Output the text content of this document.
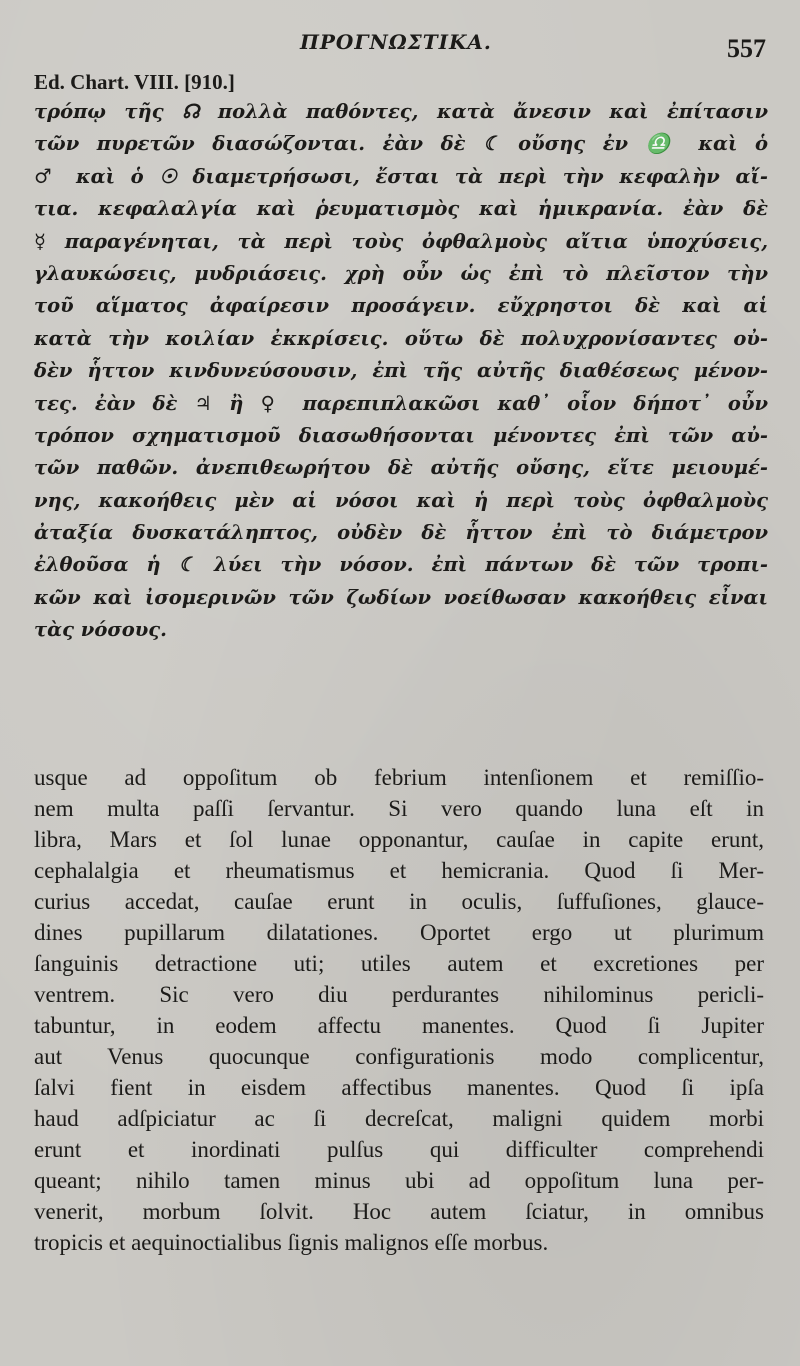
ΠΡΟΓΝΩΣΤΙΚΑ.	557
Ed. Chart. VIII. [910.]
τρόπῳ τῆς ☊ πολλὰ παθόντες, κατὰ ἄνεσιν καὶ ἐπίτασιν
τῶν πυρετῶν διασώζονται. ἐὰν δὲ ☾ οὔσης ἐν ♎ καὶ ὁ
♂ καὶ ὁ ☉ διαμετρήσωσι, ἔσται τὰ περὶ τὴν κεφαλὴν αἴ-
τια. κεφαλαλγία καὶ ῥευματισμὸς καὶ ἡμικρανία. ἐὰν δὲ
☿ παραγένηται, τὰ περὶ τοὺς ὀφθαλμοὺς αἴτια ὑποχύσεις,
γλαυκώσεις, μυδριάσεις. χρὴ οὖν ὡς ἐπὶ τὸ πλεῖστον τὴν
τοῦ αἵματος ἀφαίρεσιν προσάγειν. εὔχρηστοι δὲ καὶ αἱ
κατὰ τὴν κοιλίαν ἐκκρίσεις. οὕτω δὲ πολυχρονίσαντες οὐ-
δὲν ἧττον κινδυνεύσουσιν, ἐπὶ τῆς αὐτῆς διαθέσεως μένον-
τες. ἐὰν δὲ ♃ ἢ ♀ παρεπιπλακῶσι καθ᾽ οἷον δήποτ᾽ οὖν
τρόπον σχηματισμοῦ διασωθήσονται μένοντες ἐπὶ τῶν αὐ-
τῶν παθῶν. ἀνεπιθεωρήτου δὲ αὐτῆς οὔσης, εἴτε μειουμέ-
νης, κακοήθεις μὲν αἱ νόσοι καὶ ἡ περὶ τοὺς ὀφθαλμοὺς
ἀταξία δυσκατάληπτος, οὐδὲν δὲ ἧττον ἐπὶ τὸ διάμετρον
ἐλθοῦσα ἡ ☾ λύει τὴν νόσον. ἐπὶ πάντων δὲ τῶν τροπι-
κῶν καὶ ἰσομερινῶν τῶν ζωδίων νοείθωσαν κακοήθεις εἶναι
τὰς νόσους.
usque ad oppoſitum ob febrium intenſionem et remiſſio-
nem multa paſſi ſervantur. Si vero quando luna eſt in
libra, Mars et ſol lunae opponantur, cauſae in capite erunt,
cephalalgia et rheumatismus et hemicrania. Quod ſi Mer-
curius accedat, cauſae erunt in oculis, ſuffuſiones, glauce-
dines pupillarum dilatationes. Oportet ergo ut plurimum
ſanguinis detractione uti; utiles autem et excretiones per
ventrem. Sic vero diu perdurantes nihilominus pericli-
tabuntur, in eodem affectu manentes. Quod ſi Jupiter
aut Venus quocunque configurationis modo complicentur,
ſalvi fient in eisdem affectibus manentes. Quod ſi ipſa
haud adſpiciatur ac ſi decreſcat, maligni quidem morbi
erunt et inordinati pulſus qui difficulter comprehendi
queant; nihilo tamen minus ubi ad oppoſitum luna per-
venerit, morbum ſolvit. Hoc autem ſciatur, in omnibus
tropicis et aequinoctialibus ſignis malignos eſſe morbus.
